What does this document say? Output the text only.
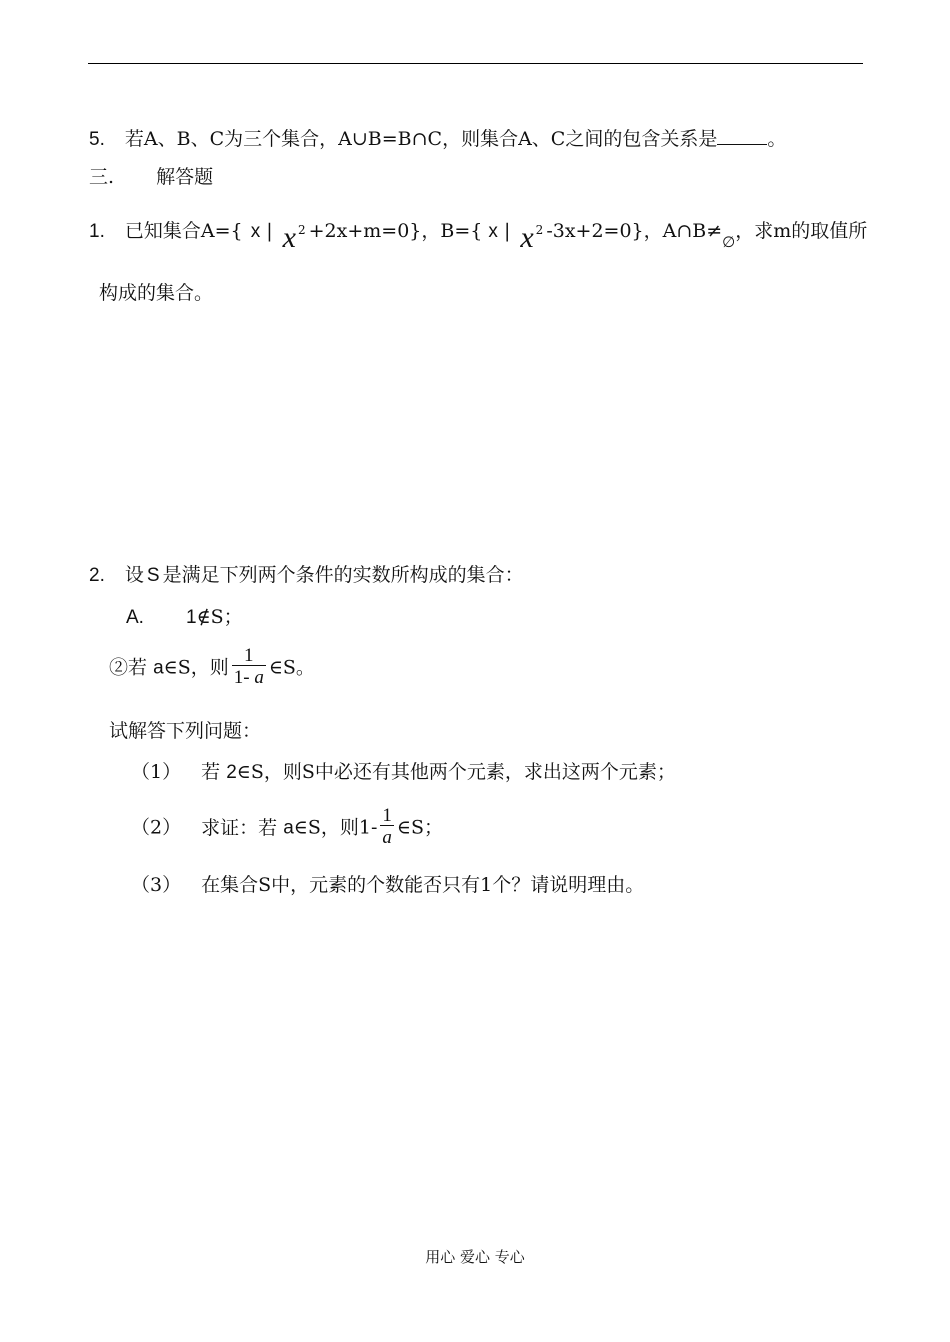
5. 若A、B、C为三个集合，A∪B=B∩C，则集合A、C之间的包含关系是	。
三. 解答题
1. 已知集合A={ x | x 2 +2x+m=0}，B={ x | x 2 -3x+2=0}，$A\cap B\ne_\emptyset$，求m的取值所
构成的集合。
2. 设 S 是满足下列两个条件的实数所构成的集合：
A. 1∉S；
②若 a∈S，则 $\frac{1}{1- a}$ ∈S。
试解答下列问题：
（1） 若 2∈S，则S中必还有其他两个元素，求出这两个元素；
（2） 求证：若 a∈S，则$1- \frac{1}{a}$ ∈S；
（3） 在集合S中，元素的个数能否只有1个？请说明理由。
用心 爱心 专心
